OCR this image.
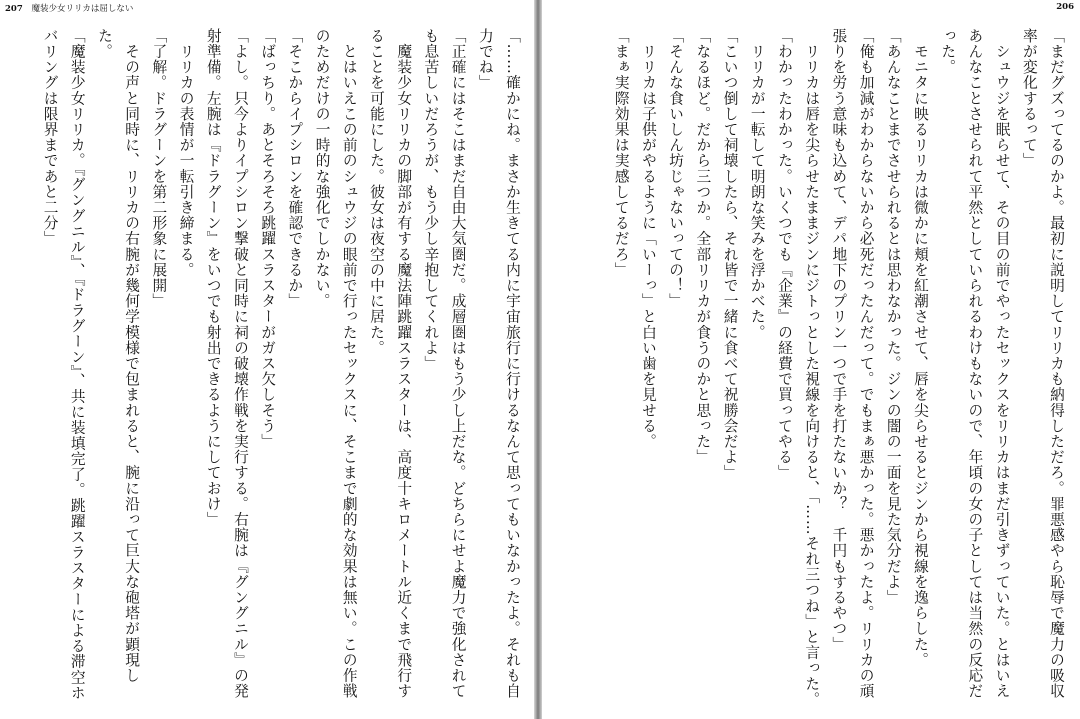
207 魔装少女リリカは屈しない

「……確かにね。まさか生きてる内に宇宙旅行に行けるなんて思ってもいなかったよ。それも自力でね」

「正確にはそこはまだ自由大気圏だ。成層圏はもう少し上だな。どちらにせよ魔力で強化されても息苦しいだろうが、もう少し辛抱してくれよ」

　魔装少女リリカの脚部が有する魔法陣跳躍スラスターは、高度十キロメートル近くまで飛行することを可能にした。彼女は夜空の中に居た。

　とはいえこの前のシュウジの眼前で行ったセックスに、そこまで劇的な効果は無い。この作戦のためだけの一時的な強化でしかない。

「そこからイプシロンを確認できるか」

「ばっちり。あとそろそろ跳躍スラスターがガス欠しそう」

「よし。只今よりイプシロン撃破と同時に祠の破壊作戦を実行する。右腕は『グングニル』の発射準備。左腕は『ドラグーン』をいつでも射出できるようにしておけ」

　リリカの表情が一転引き締まる。

「了解。ドラグーンを第二形象に展開」

　その声と同時に、リリカの右腕が幾何学模様で包まれると、腕に沿って巨大な砲塔が顕現した。

「魔装少女リリカ。『グングニル』、『ドラグーン』、共に装填完了。跳躍スラスターによる滞空ホバリングは限界まであと二分」

206

「まだグズってるのかよ。最初に説明してリリカも納得しただろ。罪悪感やら恥辱で魔力の吸収率が変化するって」

　シュウジを眠らせて、その目の前でやったセックスをリリカはまだ引きずっていた。とはいえあんなことさせられて平然としていられるわけもないので、年頃の女の子としては当然の反応だった。

　モニタに映るリリカは微かに頬を紅潮させて、唇を尖らせるとジンから視線を逸らした。

「あんなことまでさせられるとは思わなかった。ジンの闇の一面を見た気分だよ」

「俺も加減がわからないから必死だったんだって。でもまぁ悪かった。悪かったよ。リリカの頑張りを労う意味も込めて、デパ地下のプリン一つで手を打たないか？　千円もするやつ」

　リリカは唇を尖らせたままジンにジトっとした視線を向けると、「……それ三つね」と言った。

「わかったわかった。いくつでも『企業』の経費で買ってやる」

　リリカが一転して明朗な笑みを浮かべた。

「こいつ倒して祠壊したら、それ皆で一緒に食べて祝勝会だよ」

「なるほど。だから三つか。全部リリカが食うのかと思った」

「そんな食いしん坊じゃないっての！」

　リリカは子供がやるように「いーっ」と白い歯を見せる。

「まぁ実際効果は実感してるだろ」
